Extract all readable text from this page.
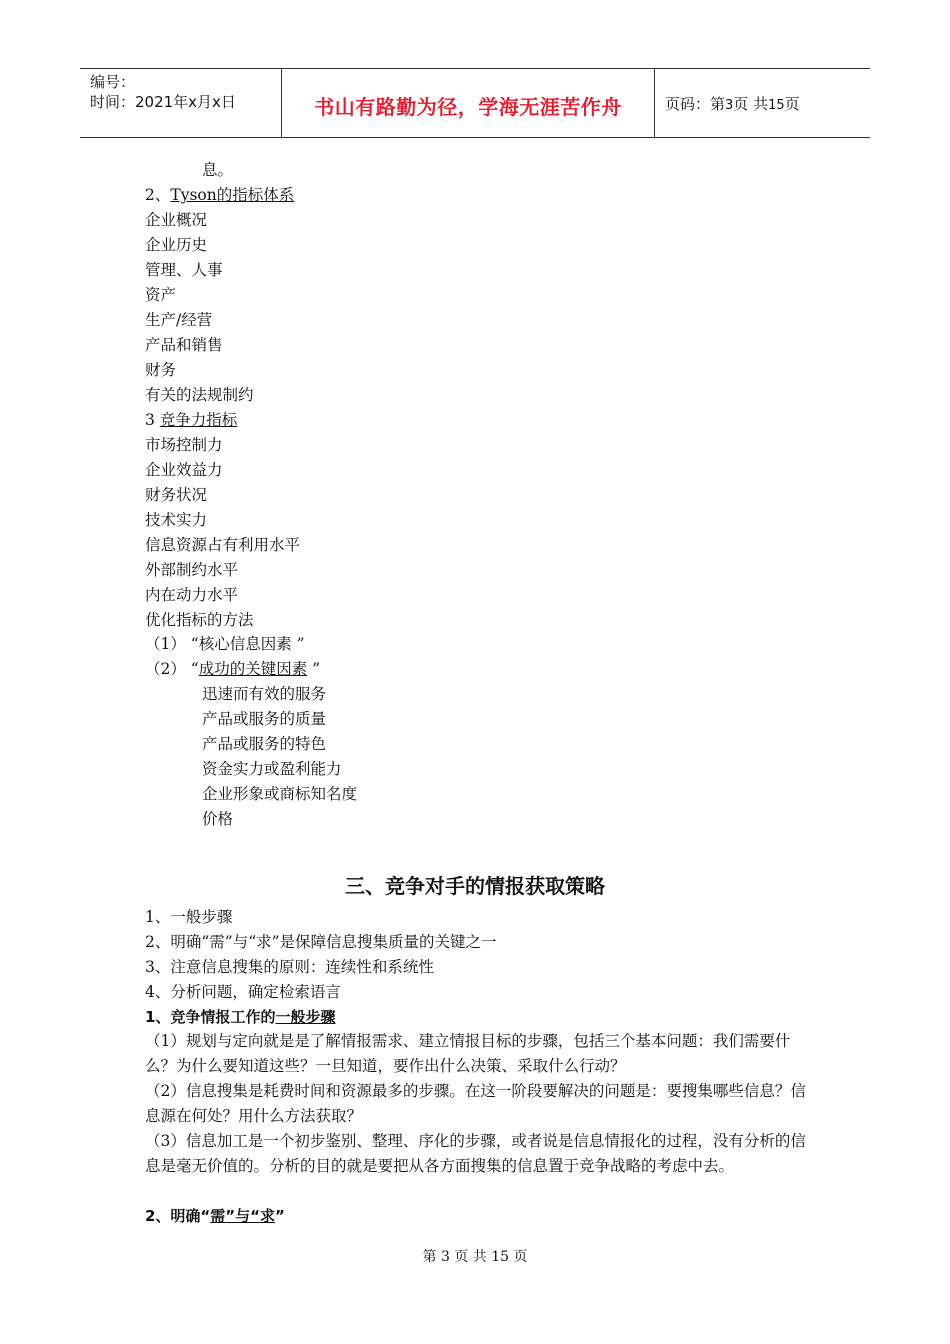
编号：
时间：2021年x月x日	书山有路勤为径，学海无涯苦作舟	页码：第3页 共15页
息。
2、Tyson的指标体系
企业概况
企业历史
管理、人事
资产
生产/经营
产品和销售
财务
有关的法规制约
3 竞争力指标
市场控制力
企业效益力
财务状况
技术实力
信息资源占有利用水平
外部制约水平
内在动力水平
优化指标的方法
（1） “核心信息因素 ”
（2） “成功的关键因素 ”
迅速而有效的服务
产品或服务的质量
产品或服务的特色
资金实力或盈利能力
企业形象或商标知名度
价格
三、竞争对手的情报获取策略
1、一般步骤
2、明确“需”与“求”是保障信息搜集质量的关键之一
3、注意信息搜集的原则：连续性和系统性
4、分析问题，确定检索语言
1、竞争情报工作的一般步骤
（1）规划与定向就是是了解情报需求、建立情报目标的步骤，包括三个基本问题：我们需要什么？为什么要知道这些？一旦知道，要作出什么决策、采取什么行动？
（2）信息搜集是耗费时间和资源最多的步骤。在这一阶段要解决的问题是：要搜集哪些信息？信息源在何处？用什么方法获取？
（3）信息加工是一个初步鉴别、整理、序化的步骤，或者说是信息情报化的过程，没有分析的信息是毫无价值的。分析的目的就是要把从各方面搜集的信息置于竞争战略的考虑中去。
2、明确“需”与“求”
第 3 页 共 15 页
